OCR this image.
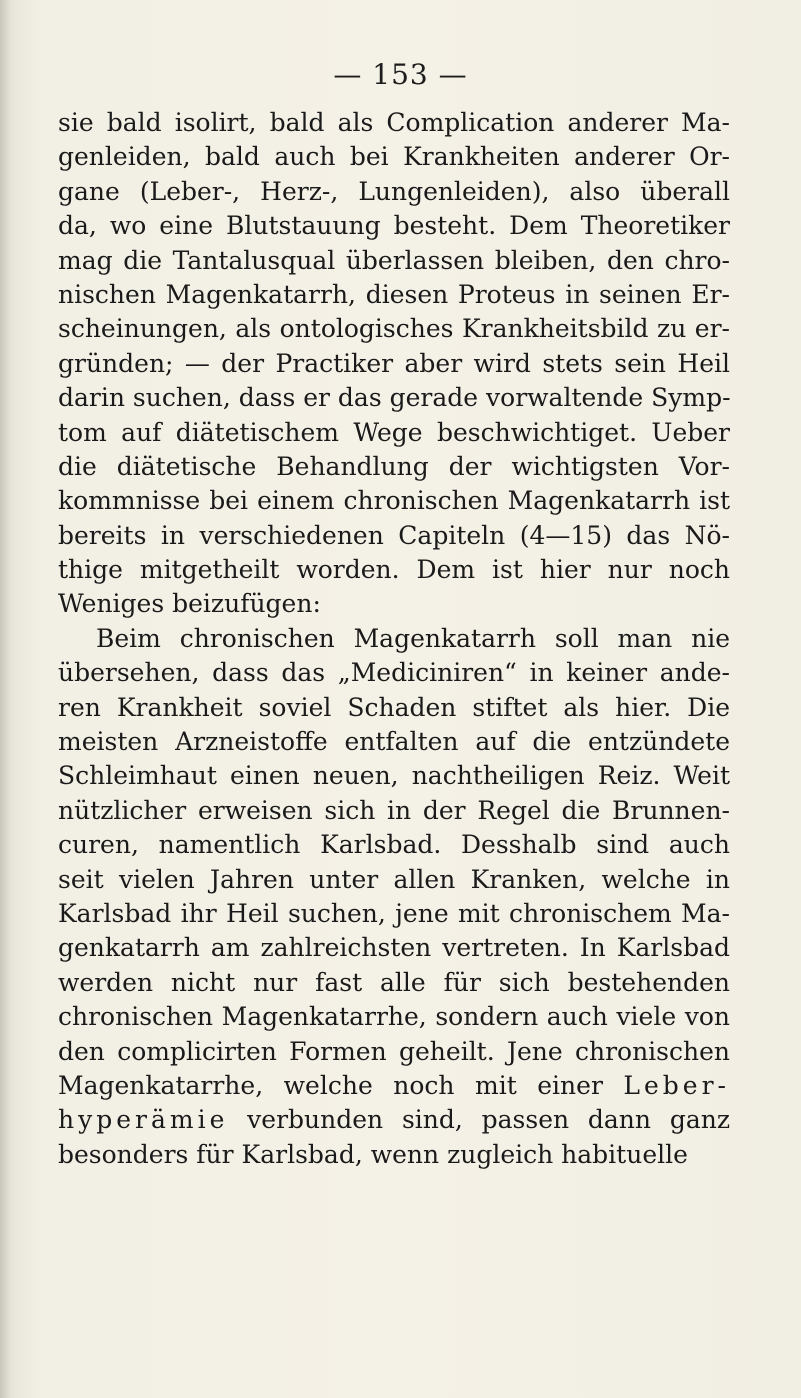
— 153 —
sie bald isolirt, bald als Complication anderer Ma-
genleiden, bald auch bei Krankheiten anderer Or-
gane (Leber-, Herz-, Lungenleiden), also überall
da, wo eine Blutstauung besteht. Dem Theoretiker
mag die Tantalusqual überlassen bleiben, den chro-
nischen Magenkatarrh, diesen Proteus in seinen Er-
scheinungen, als ontologisches Krankheitsbild zu er-
gründen; — der Practiker aber wird stets sein Heil
darin suchen, dass er das gerade vorwaltende Symp-
tom auf diätetischem Wege beschwichtiget. Ueber
die diätetische Behandlung der wichtigsten Vor-
kommnisse bei einem chronischen Magenkatarrh ist
bereits in verschiedenen Capiteln (4—15) das Nö-
thige mitgetheilt worden. Dem ist hier nur noch
Weniges beizufügen:
Beim chronischen Magenkatarrh soll man nie
übersehen, dass das „Mediciniren“ in keiner ande-
ren Krankheit soviel Schaden stiftet als hier. Die
meisten Arzneistoffe entfalten auf die entzündete
Schleimhaut einen neuen, nachtheiligen Reiz. Weit
nützlicher erweisen sich in der Regel die Brunnen-
curen, namentlich Karlsbad. Desshalb sind auch
seit vielen Jahren unter allen Kranken, welche in
Karlsbad ihr Heil suchen, jene mit chronischem Ma-
genkatarrh am zahlreichsten vertreten. In Karlsbad
werden nicht nur fast alle für sich bestehenden
chronischen Magenkatarrhe, sondern auch viele von
den complicirten Formen geheilt. Jene chronischen
Magenkatarrhe, welche noch mit einer Leber-
hyperämie verbunden sind, passen dann ganz
besonders für Karlsbad, wenn zugleich habituelle
